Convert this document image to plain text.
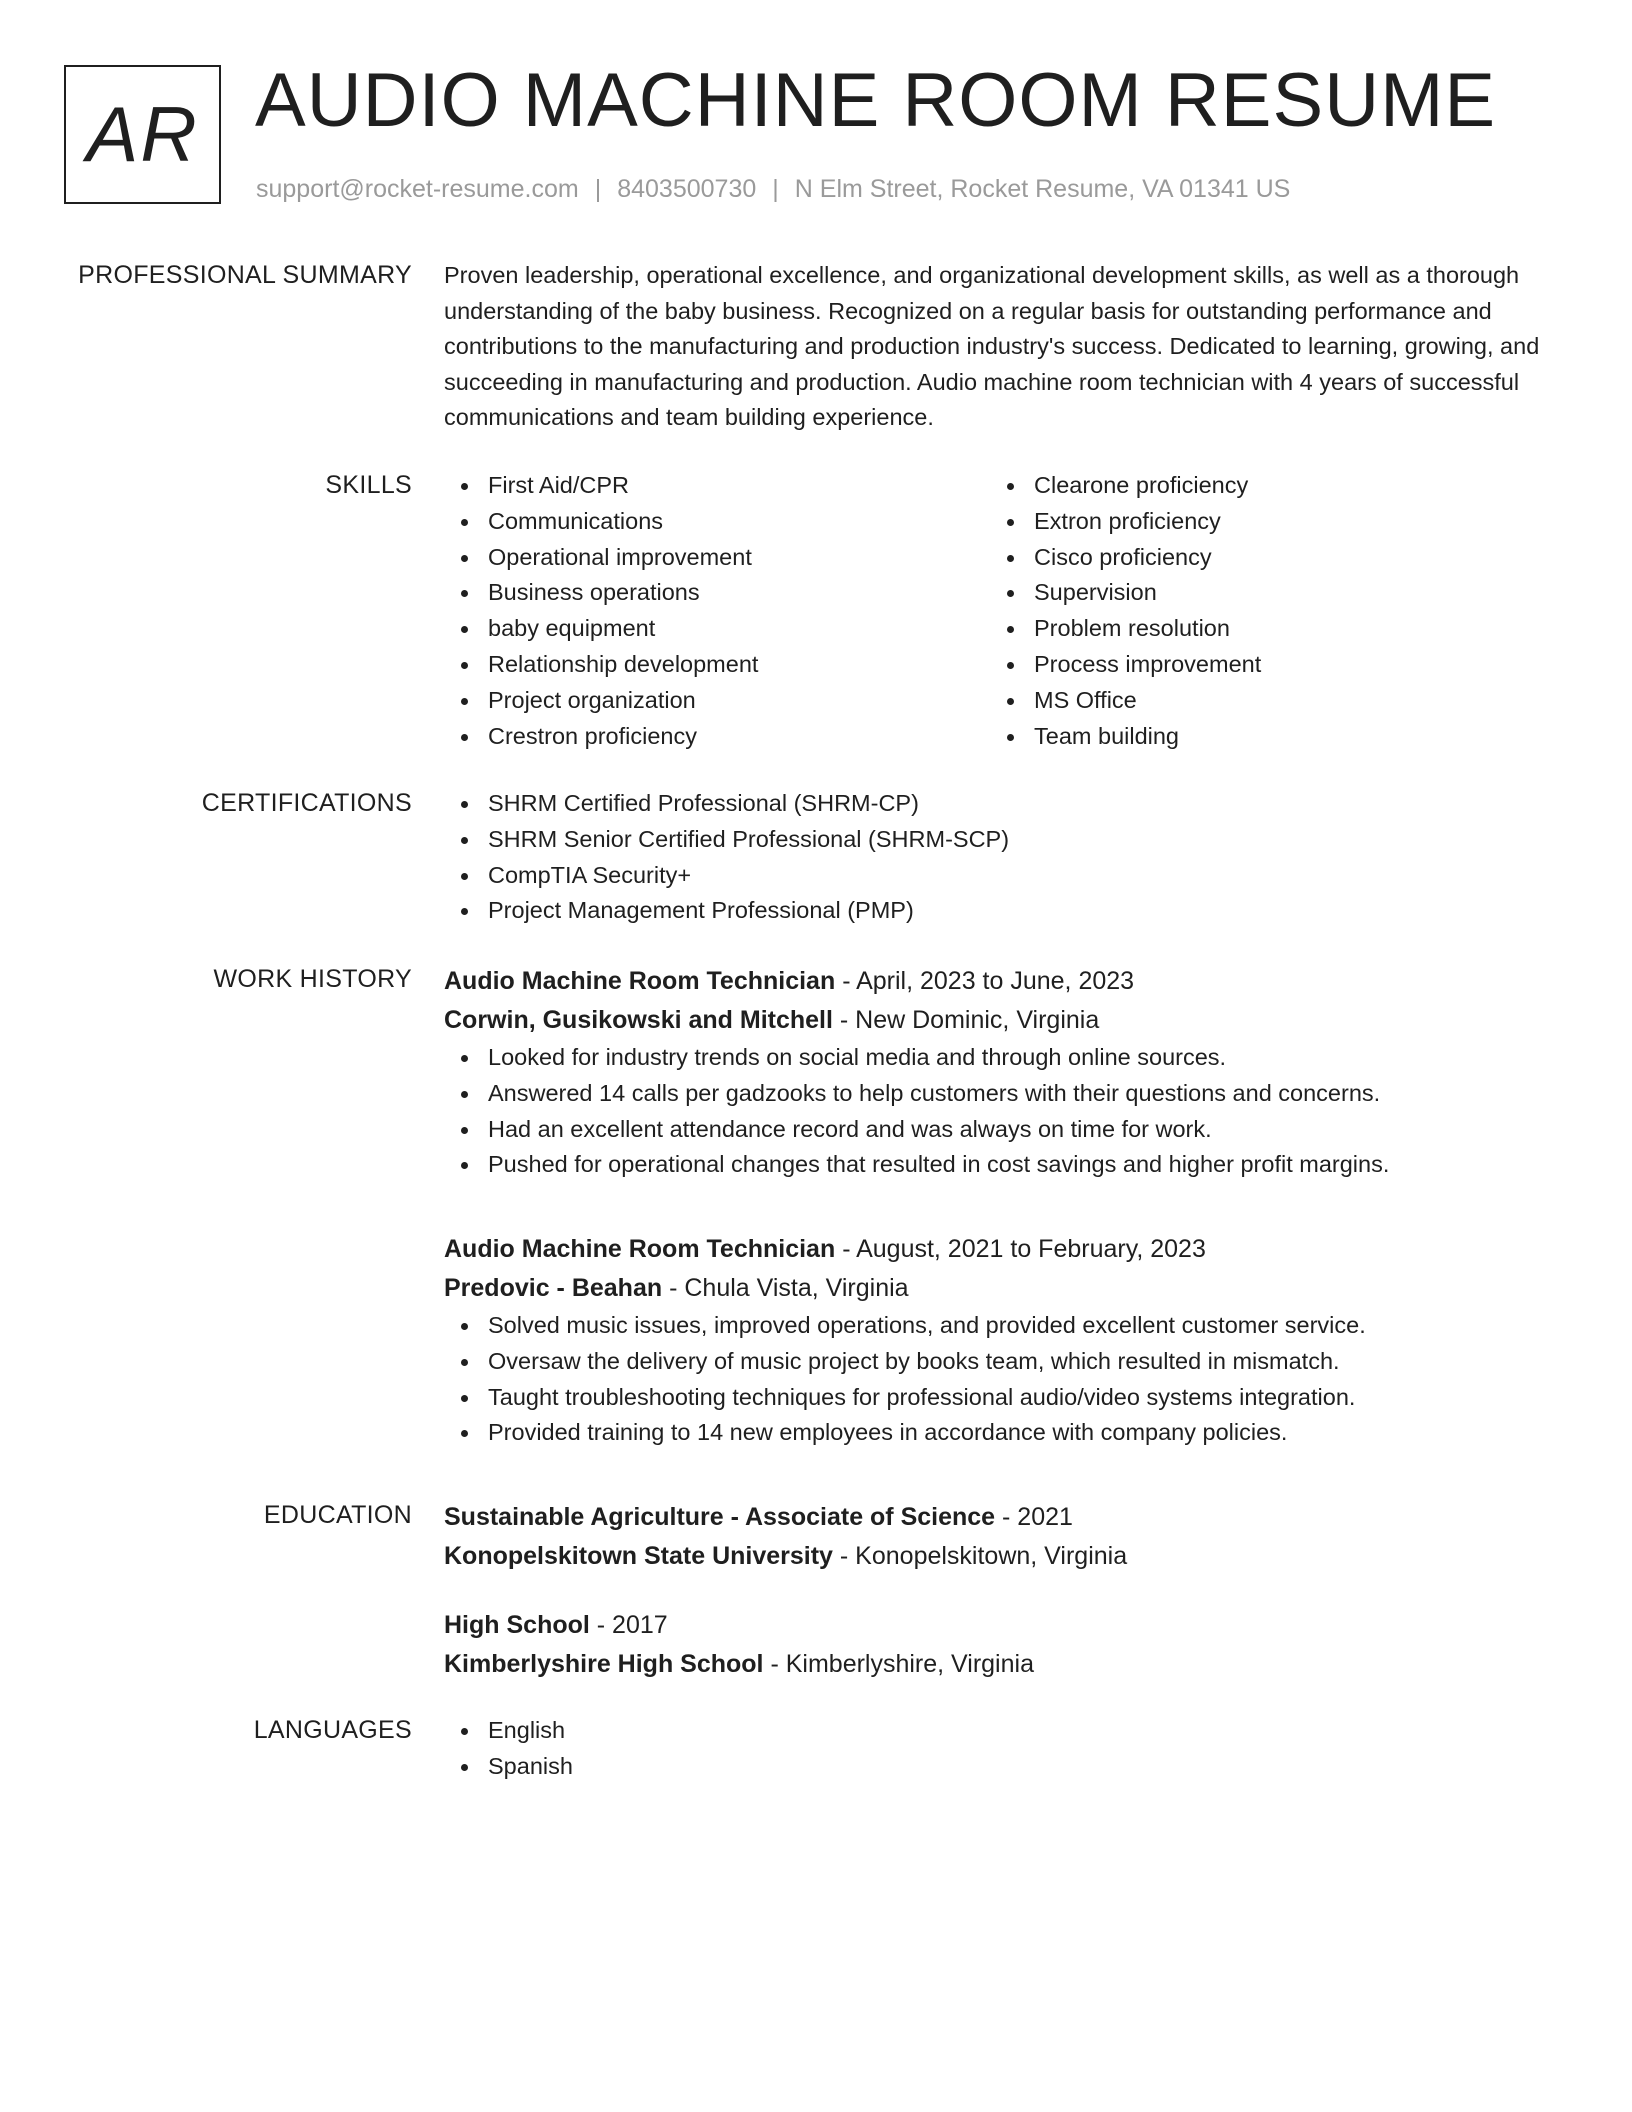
AR AUDIO MACHINE ROOM RESUME
support@rocket-resume.com | 8403500730 | N Elm Street, Rocket Resume, VA 01341 US
PROFESSIONAL SUMMARY Proven leadership, operational excellence, and organizational development skills, as well as a thorough understanding of the baby business. Recognized on a regular basis for outstanding performance and contributions to the manufacturing and production industry's success. Dedicated to learning, growing, and succeeding in manufacturing and production. Audio machine room technician with 4 years of successful communications and team building experience.

SKILLS	First Aid/CPR
Communications
Operational improvement
Business operations
baby equipment
Relationship development
Project organization
Crestron proficiency
Clearone proficiency
Extron proficiency
Cisco proficiency
Supervision
Problem resolution
Process improvement
MS Office
Team building
CERTIFICATIONS	SHRM Certified Professional (SHRM-CP)
SHRM Senior Certified Professional (SHRM-SCP)
CompTIA Security+
Project Management Professional (PMP)
WORK HISTORY Audio Machine Room Technician - April, 2023 to June, 2023
Corwin, Gusikowski and Mitchell - New Dominic, Virginia
Looked for industry trends on social media and through online sources.
Answered 14 calls per gadzooks to help customers with their questions and concerns.
Had an excellent attendance record and was always on time for work.
Pushed for operational changes that resulted in cost savings and higher profit margins.
Audio Machine Room Technician - August, 2021 to February, 2023
Predovic - Beahan - Chula Vista, Virginia
Solved music issues, improved operations, and provided excellent customer service.
Oversaw the delivery of music project by books team, which resulted in mismatch.
Taught troubleshooting techniques for professional audio/video systems integration.
Provided training to 14 new employees in accordance with company policies.
EDUCATION Sustainable Agriculture - Associate of Science - 2021
Konopelskitown State University - Konopelskitown, Virginia
High School - 2017
Kimberlyshire High School - Kimberlyshire, Virginia
LANGUAGES	English
Spanish
